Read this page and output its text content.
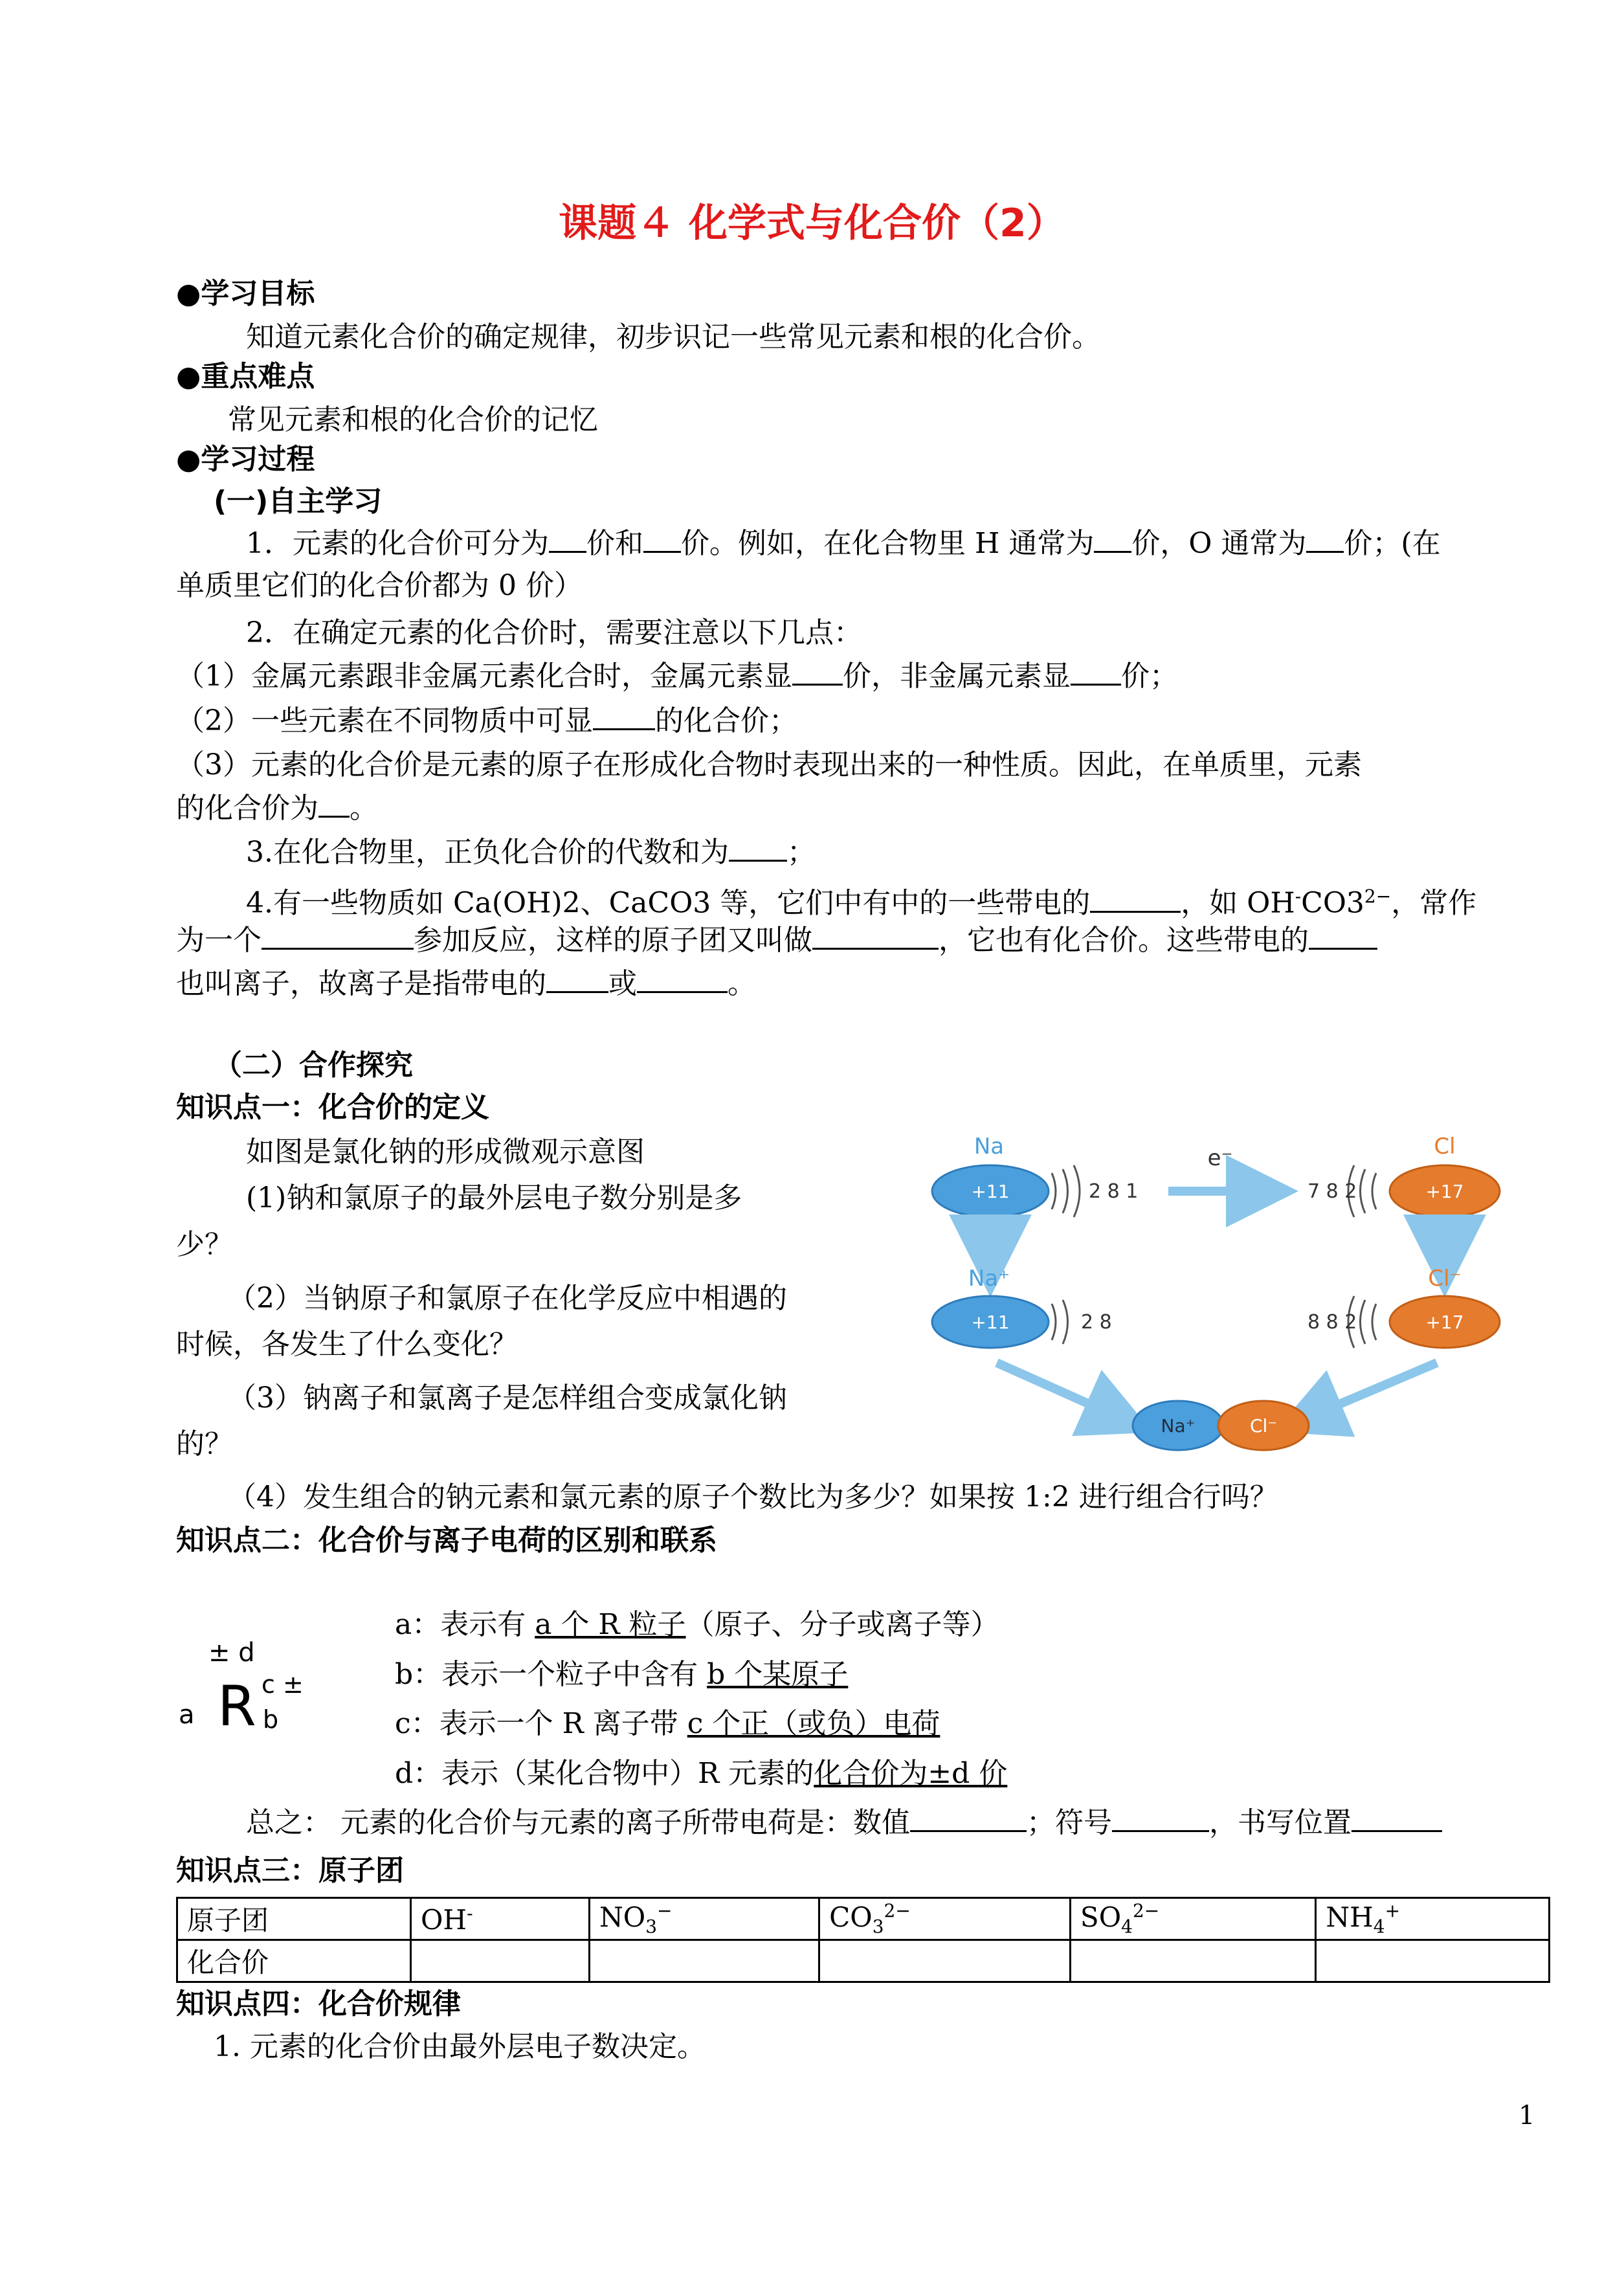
课题４ 化学式与化合价（2）
●学习目标
知道元素化合价的确定规律，初步识记一些常见元素和根的化合价。
●重点难点
常见元素和根的化合价的记忆
●学习过程
(一)自主学习
1．元素的化合价可分为 价和 价。例如，在化合物里 H 通常为 价，O 通常为 价；(在
单质里它们的化合价都为 0 价）
2．在确定元素的化合价时，需要注意以下几点：
（1）金属元素跟非金属元素化合时，金属元素显 价，非金属元素显 价；
（2）一些元素在不同物质中可显 的化合价；
（3）元素的化合价是元素的原子在形成化合物时表现出来的一种性质。因此，在单质里，元素
的化合价为 。
3.在化合物里，正负化合价的代数和为 ；
4.有一些物质如 Ca(OH)2、CaCO3 等，它们中有中的一些带电的	，如 $OH^-CO3^{2-}$，常作
为一个	参加反应，这样的原子团又叫做	，它也有化合价。这些带电的
也叫离子，故离子是指带电的 或	。
（二）合作探究
知识点一：化合价的定义
如图是氯化钠的形成微观示意图
(1)钠和氯原子的最外层电子数分别是多
少？
（2）当钠原子和氯原子在化学反应中相遇的
时候，各发生了什么变化？
（3）钠离子和氯离子是怎样组合变成氯化钠
的？
（4）发生组合的钠元素和氯元素的原子个数比为多少？如果按 1:2 进行组合行吗？
Na
+11	2 8 1
e⁻	Cl
7 8 2	+17
Na⁺
+11	2 8
Cl⁻
8 8 2	+17
Na⁺	Cl⁻
知识点二：化合价与离子电荷的区别和联系
± d
c ±
a R b
a：表示有 a 个 R 粒子（原子、分子或离子等）
b：表示一个粒子中含有 b 个某原子
c：表示一个 R 离子带 c 个正（或负）电荷
d：表示（某化合物中）R 元素的化合价为±d 价
总之： 元素的化合价与元素的离子所带电荷是：数值	；符号	，书写位置
知识点三：原子团
原子团	OH-	$NO_3^-$	$CO_3^{2-}$	$SO_4^{2-}$	$NH_4^+$
化合价					
知识点四：化合价规律
1. 元素的化合价由最外层电子数决定。
1
